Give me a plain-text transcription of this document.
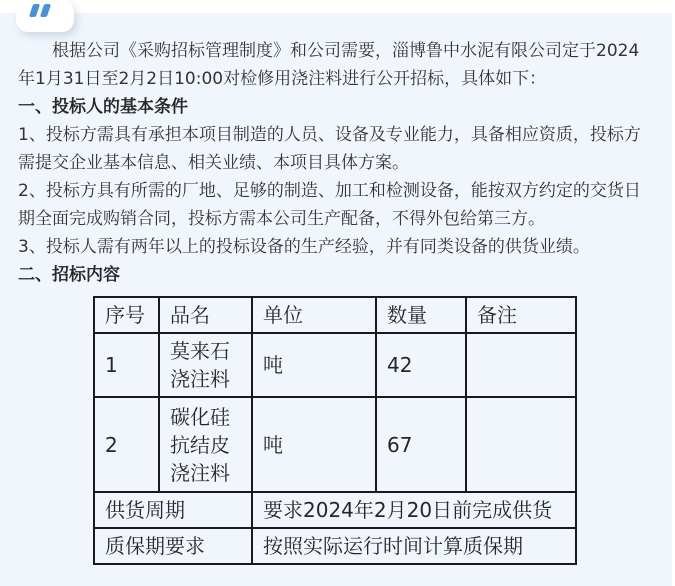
根据公司《采购招标管理制度》和公司需要，淄博鲁中水泥有限公司定于2024年1月31日至2月2日10:00对检修用浇注料进行公开招标，具体如下：

一、投标人的基本条件

1、投标方需具有承担本项目制造的人员、设备及专业能力，具备相应资质，投标方需提交企业基本信息、相关业绩、本项目具体方案。

2、投标方具有所需的厂地、足够的制造、加工和检测设备，能按双方约定的交货日期全面完成购销合同，投标方需本公司生产配备，不得外包给第三方。

3、投标人需有两年以上的投标设备的生产经验，并有同类设备的供货业绩。

二、招标内容

序号	品名	单位	数量	备注
1	莫来石浇注料	吨	42	
2	碳化硅抗结皮浇注料	吨	67	
供货周期		要求2024年2月20日前完成供货		
质保期要求		按照实际运行时间计算质保期		
